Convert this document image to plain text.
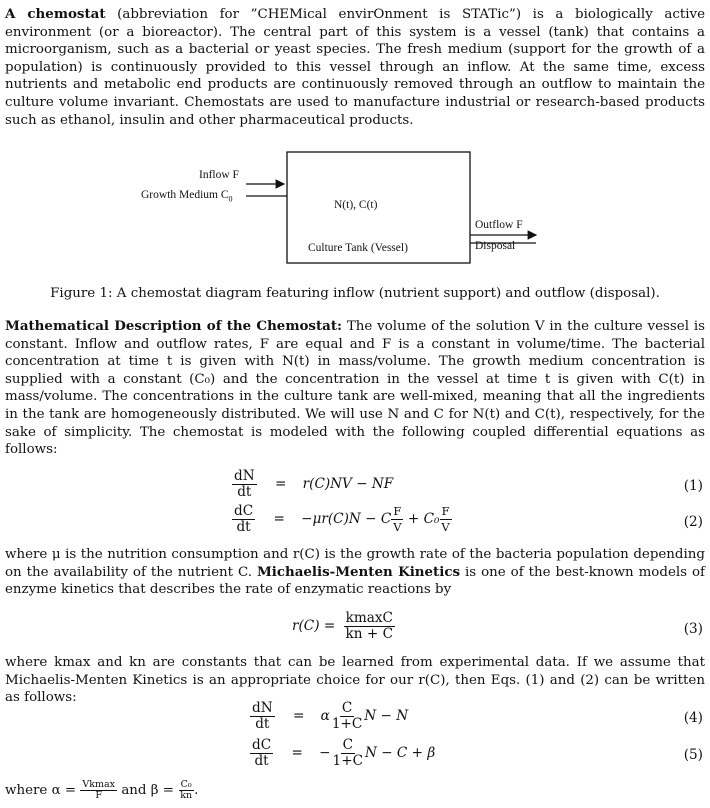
A chemostat (abbreviation for ”CHEMical envirOnment is STATic”) is a biologically active environment (or a bioreactor). The central part of this system is a vessel (tank) that contains a microorganism, such as a bacterial or yeast species. The fresh medium (support for the growth of a population) is continuously provided to this vessel through an inflow. At the same time, excess nutrients and metabolic end products are continuously removed through an outflow to maintain the culture volume invariant. Chemostats are used to manufacture industrial or research-based products such as ethanol, insulin and other pharmaceutical products.

Inflow F
Growth Medium $C_0$
N(t), C(t)
Culture Tank (Vessel)
Outflow F
Disposal
Figure 1: A chemostat diagram featuring inflow (nutrient support) and outflow (disposal).

Mathematical Description of the Chemostat: The volume of the solution V in the culture vessel is constant. Inflow and outflow rates, F are equal and F is a constant in volume/time. The bacterial concentration at time t is given with N(t) in mass/volume. The growth medium concentration is supplied with a constant (C₀) and the concentration in the vessel at time t is given with C(t) in mass/volume. The concentrations in the culture tank are well-mixed, meaning that all the ingredients in the tank are homogeneously distributed. We will use N and C for N(t) and C(t), respectively, for the sake of simplicity. The chemostat is modeled with the following coupled differential equations as follows:

$\frac{dN}{dt} = r(C)NV$ − NF	(1)
$\frac{dC}{dt} = -\mu r(C)N - C \frac{F}{V} + C_0 \frac{F}{V}$	(2)

where μ is the nutrition consumption and r(C) is the growth rate of the bacteria population depending on the availability of the nutrient C. Michaelis-Menten Kinetics is one of the best-known models of enzyme kinetics that describes the rate of enzymatic reactions by

$r(C) = \frac{kmaxC}{kn + C}$	(3)

where kmax and kn are constants that can be learned from experimental data. If we assume that Michaelis-Menten Kinetics is an appropriate choice for our r(C), then Eqs. (1) and (2) can be written as follows:

$\frac{dN}{dt} = \alpha \frac{C}{1+C}$ N − N	(4)
$\frac{dC}{dt}$ = − $\frac{C}{1+C}$ N − C + β	(5)
where $\alpha = \frac{Vkmax}{F}$ and $\beta = \frac{\text{C₀}}{kn}$ .
